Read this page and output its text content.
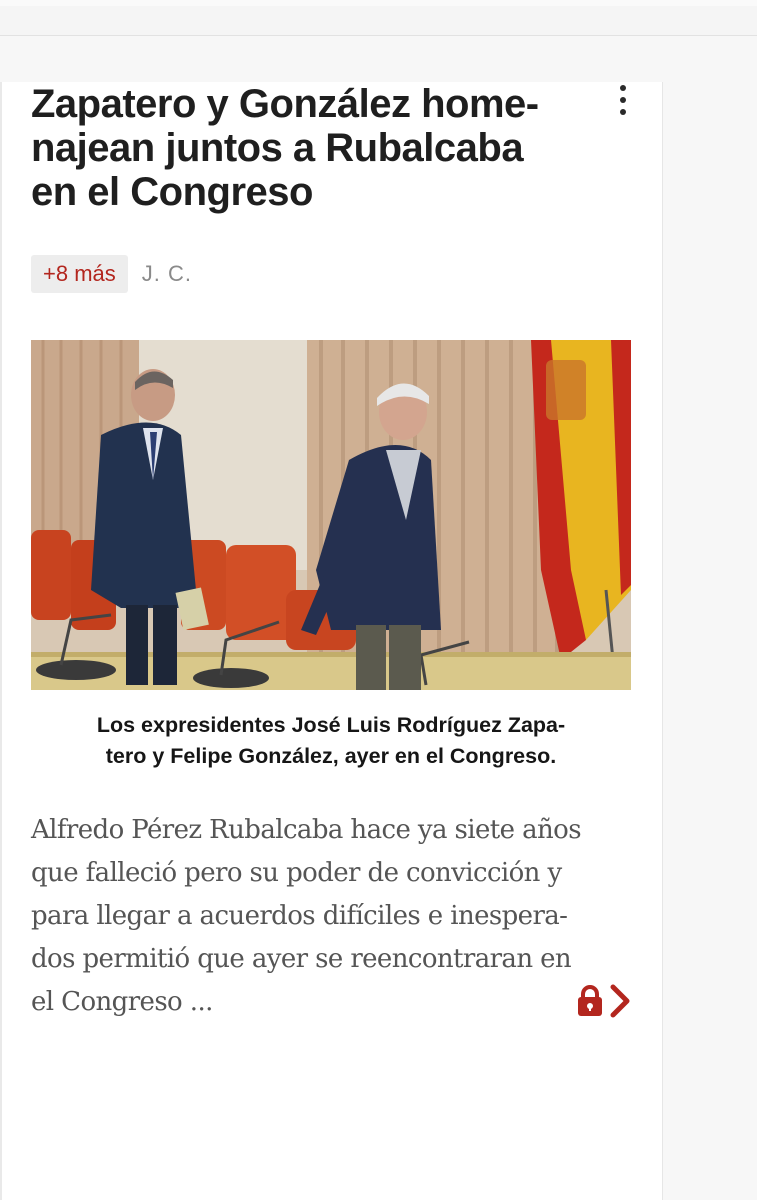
Zapatero y González home-
najean juntos a Rubalcaba
en el Congreso
+8 más	J. C.
Los expresidentes José Luis Rodríguez Zapa-
tero y Felipe González, ayer en el Congreso.
Alfredo Pérez Rubalcaba hace ya siete años
que falleció pero su poder de convicción y
para llegar a acuerdos difíciles e inespera-
dos permitió que ayer se reencontraran en
el Congreso ...
